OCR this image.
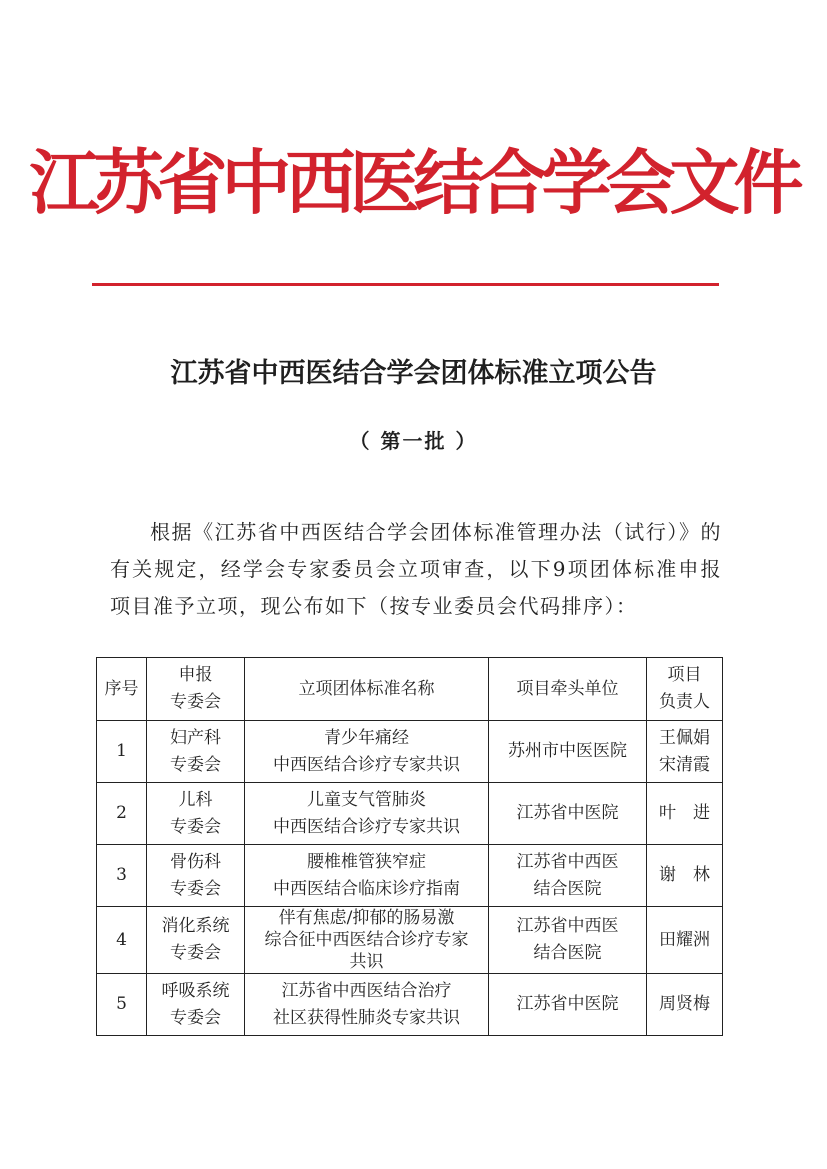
江苏省中西医结合学会文件
江苏省中西医结合学会团体标准立项公告
（ 第一批 ）

根据《江苏省中西医结合学会团体标准管理办法（试行）》的有关规定，经学会专家委员会立项审查，以下9项团体标准申报项目准予立项，现公布如下（按专业委员会代码排序）：

序号	申报
专委会	立项团体标准名称	项目牵头单位	项目
负责人
1	妇产科
专委会	青少年痛经
中西医结合诊疗专家共识	苏州市中医医院	王佩娟
宋清霞
2	儿科
专委会	儿童支气管肺炎
中西医结合诊疗专家共识	江苏省中医院	叶　进
3	骨伤科
专委会	腰椎椎管狭窄症
中西医结合临床诊疗指南	江苏省中西医
结合医院	谢　林
4	消化系统
专委会	伴有焦虑/抑郁的肠易激
综合征中西医结合诊疗专家
共识	江苏省中西医
结合医院	田耀洲
5	呼吸系统
专委会	江苏省中西医结合治疗
社区获得性肺炎专家共识	江苏省中医院	周贤梅
